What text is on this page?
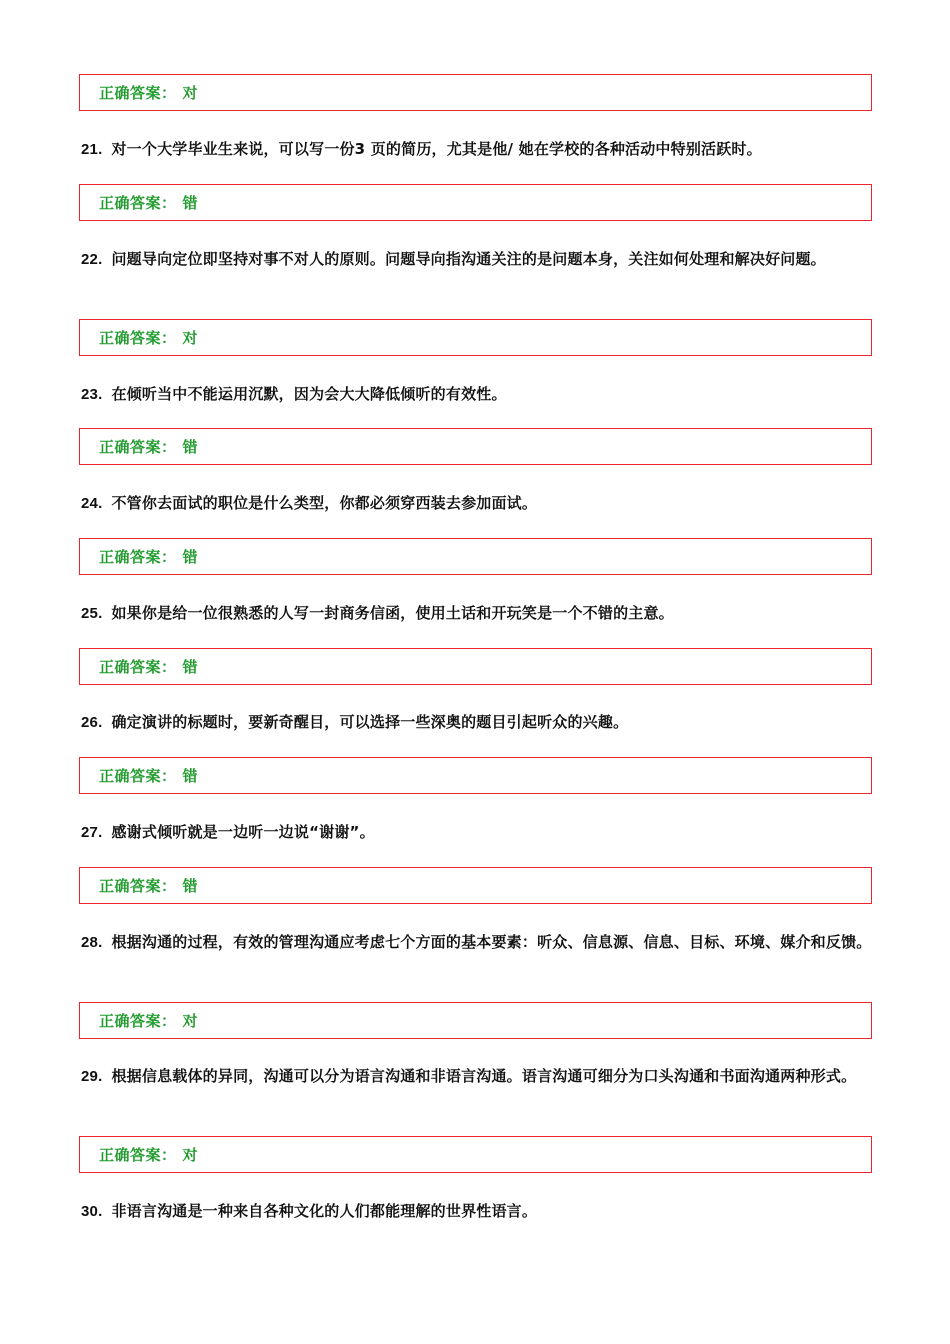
正确答案 ： 对
21 . 对一个大学毕业生来说，可以写一份3 页的简历，尤其是他/ 她在学校的各种活动中特别活跃时。
正确答案 ： 错
22 . 问题导向定位即坚持对事不对人的原则。问题导向指沟通关注的是问题本身，关注如何处理和解决好问题。
正确答案 ： 对
23 . 在倾听当中不能运用沉默，因为会大大降低倾听的有效性。
正确答案 ： 错
24 . 不管你去面试的职位是什么类型，你都必须穿西装去参加面试。
正确答案 ： 错
25 . 如果你是给一位很熟悉的人写一封商务信函，使用土话和开玩笑是一个不错的主意。
正确答案 ： 错
26 . 确定演讲的标题时，要新奇醒目，可以选择一些深奥的题目引起听众的兴趣。
正确答案 ： 错
27 . 感谢式倾听就是一边听一边说“谢谢”。
正确答案 ： 错
28 . 根据沟通的过程，有效的管理沟通应考虑七个方面的基本要素：听众、信息源、信息、目标、环境、媒介和反馈。
正确答案 ： 对
29 . 根据信息载体的异同，沟通可以分为语言沟通和非语言沟通。语言沟通可细分为口头沟通和书面沟通两种形式。
正确答案 ： 对
30 . 非语言沟通是一种来自各种文化的人们都能理解的世界性语言。
